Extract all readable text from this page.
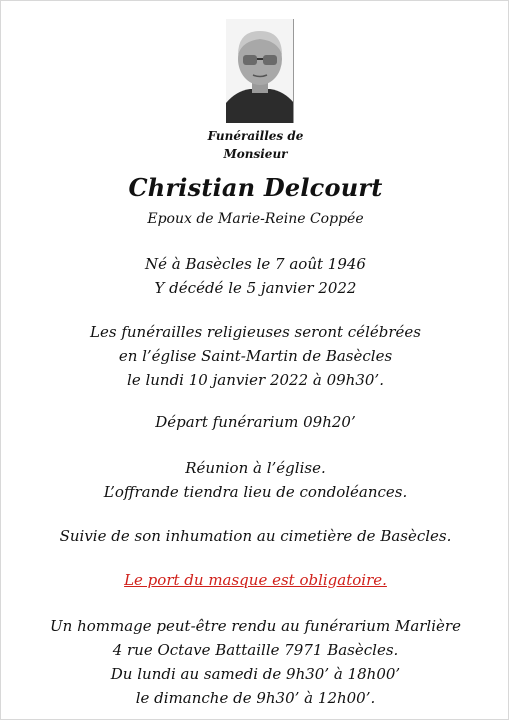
Funérailles de
Monsieur
Christian Delcourt
Epoux de Marie-Reine Coppée
Né à Basècles le 7 août 1946
Y décédé le 5 janvier 2022
Les funérailles religieuses seront célébrées
en l’église Saint-Martin de Basècles
le lundi 10 janvier 2022 à 09h30’.
Départ funérarium 09h20’
Réunion à l’église.
L’offrande tiendra lieu de condoléances.
Suivie de son inhumation au cimetière de Basècles.
Le port du masque est obligatoire.
Un hommage peut-être rendu au funérarium Marlière
4 rue Octave Battaille 7971 Basècles.
Du lundi au samedi de 9h30’ à 18h00’
le dimanche de 9h30’ à 12h00’.
